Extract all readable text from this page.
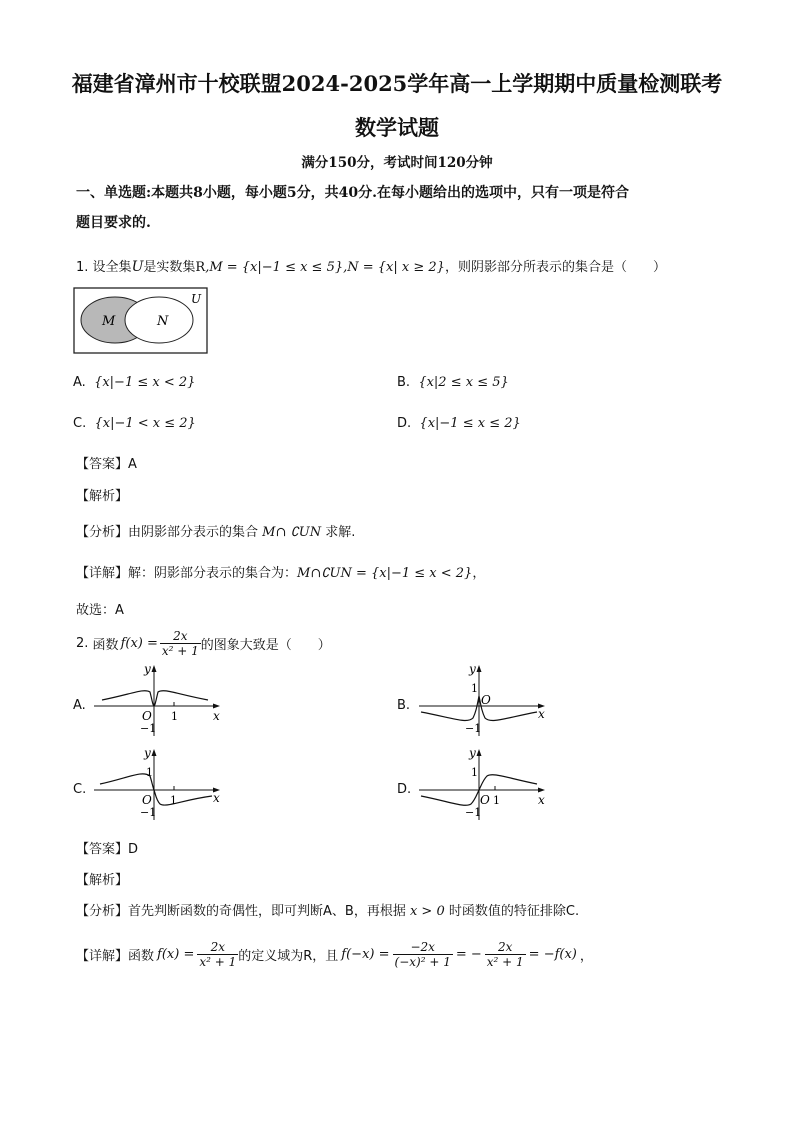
福建省漳州市十校联盟2024-2025学年高一上学期期中质量检测联考
数学试题
满分150分，考试时间120分钟
一、单选题:本题共8小题，每小题5分，共40分.在每小题给出的选项中，只有一项是符合
题目要求的.
1. 设全集U是实数集R,M = {x|−1 ≤ x ≤ 5},N = {x| x ≥ 2}，则阴影部分所表示的集合是（　　）
M	N
U
A. {x|−1 ≤ x < 2}	B. {x|2 ≤ x ≤ 5}
C. {x|−1 < x ≤ 2}	D. {x|−1 ≤ x ≤ 2}
【答案】A
【解析】
【分析】由阴影部分表示的集合 M∩ ∁UN 求解.
【详解】解：阴影部分表示的集合为：M∩∁UN = {x|−1 ≤ x < 2}，
故选：A
2.
函数 $f(x) = \frac{2x}{\text{x² + 1}}$ 的图象大致是（　　）
A.	B.
C.	D.
y
x
O 1
−1
y
x
O
1
−1
y
x
O 1
1
−1
y
x
O 1
1
−1
【答案】D
【解析】
【分析】首先判断函数的奇偶性，即可判断A、B，再根据 x > 0 时函数值的特征排除C.
【详解】 函数 $f(x) = \frac{2x}{\text{x² + 1}}$ 的定义域为R，且 $f(-x) = \frac{-2x}{\text{(−x)² + 1}}$ = − $\frac{2x}{\text{x² + 1}} = -f(x)$ ，
